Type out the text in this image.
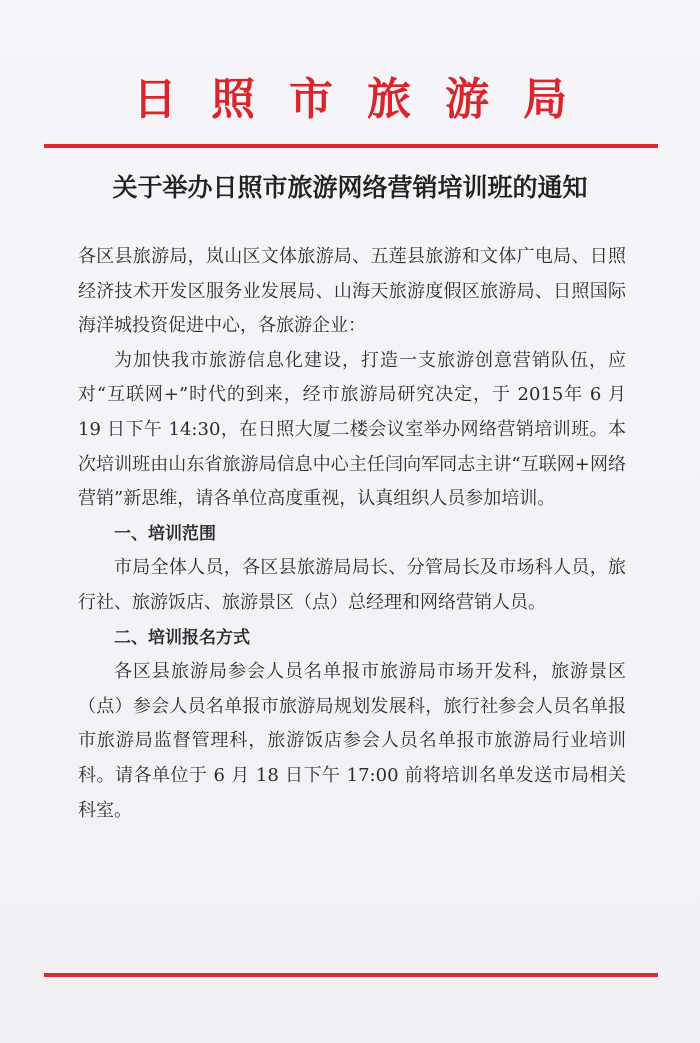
日照市旅游局
关于举办日照市旅游网络营销培训班的通知

各区县旅游局，岚山区文体旅游局、五莲县旅游和文体广电局、日照经济技术开发区服务业发展局、山海天旅游度假区旅游局、日照国际海洋城投资促进中心，各旅游企业：

为加快我市旅游信息化建设，打造一支旅游创意营销队伍，应对“互联网+”时代的到来，经市旅游局研究决定，于 2015年 6 月 19 日下午 14:30，在日照大厦二楼会议室举办网络营销培训班。本次培训班由山东省旅游局信息中心主任闫向军同志主讲“互联网+网络营销”新思维，请各单位高度重视，认真组织人员参加培训。

一、培训范围

市局全体人员，各区县旅游局局长、分管局长及市场科人员，旅行社、旅游饭店、旅游景区（点）总经理和网络营销人员。

二、培训报名方式

各区县旅游局参会人员名单报市旅游局市场开发科，旅游景区（点）参会人员名单报市旅游局规划发展科，旅行社参会人员名单报市旅游局监督管理科，旅游饭店参会人员名单报市旅游局行业培训科。请各单位于 6 月 18 日下午 17:00 前将培训名单发送市局相关科室。
